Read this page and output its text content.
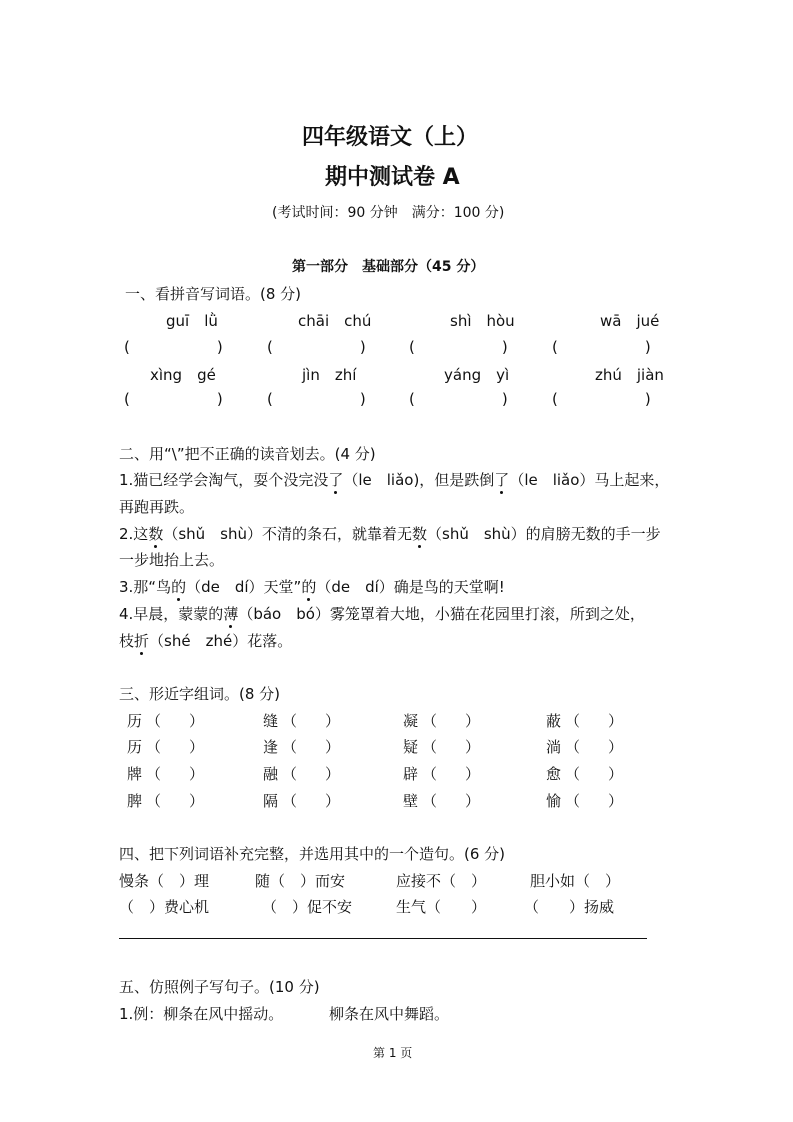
四年级语文（上）
期中测试卷 A
(考试时间：90 分钟　满分：100 分)
第一部分　基础部分（45 分）
一、看拼音写词语。(8 分)
guī　lǜ	chāi　chú	shì　hòu	wā　jué
(　　　　　)	(　　　　　)	(　　　　　)	(　　　　　)
xìng　gé	jìn　zhí	yáng　yì	zhú　jiàn
(　　　　　)	(　　　　　)	(　　　　　)	(　　　　　)
二、用“\”把不正确的读音划去。(4 分)
1.猫已经学会淘气，耍个没完没了（le　liǎo)，但是跌倒了（le　liǎo）马上起来，
再跑再跌。
2.这数（shǔ　shù）不清的条石，就靠着无数（shǔ　shù）的肩膀无数的手一步
一步地抬上去。
3.那“鸟的（de　dí）天堂”的（de　dí）确是鸟的天堂啊!
4.早晨，蒙蒙的薄（báo　bó）雾笼罩着大地，小猫在花园里打滚，所到之处，
枝折（shé　zhé）花落。
三、形近字组词。(8 分)
历 （ ）	缝 （ ）	凝 （ ）	蔽 （ ）
历 （ ）	逢 （ ）	疑 （ ）	淌 （ ）
牌 （ ）	融 （ ）	辟 （ ）	愈 （ ）
脾 （ ）	隔 （ ）	壁 （ ）	愉 （ ）
四、把下列词语补充完整，并选用其中的一个造句。(6 分)
慢条（　）理	随（　）而安	应接不（　）	胆小如（　）
（　）费心机	（　）促不安	生气（　　）	（　　）扬威
五、仿照例子写句子。(10 分)
1.例：柳条在风中摇动。	柳条在风中舞蹈。
第 1 页
